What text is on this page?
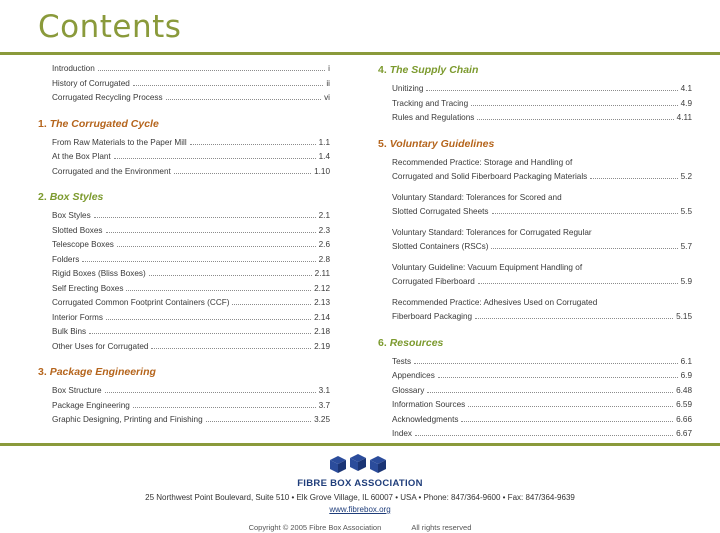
Contents
Introduction	i
History of Corrugated	ii
Corrugated Recycling Process	vi
1. The Corrugated Cycle
From Raw Materials to the Paper Mill	1.1
At the Box Plant	1.4
Corrugated and the Environment	1.10
2. Box Styles
Box Styles	2.1
Slotted Boxes	2.3
Telescope Boxes	2.6
Folders	2.8
Rigid Boxes (Bliss Boxes)	2.11
Self Erecting Boxes	2.12
Corrugated Common Footprint Containers (CCF)	2.13
Interior Forms	2.14
Bulk Bins	2.18
Other Uses for Corrugated	2.19
3. Package Engineering
Box Structure	3.1
Package Engineering	3.7
Graphic Designing, Printing and Finishing	3.25
4. The Supply Chain
Unitizing	4.1
Tracking and Tracing	4.9
Rules and Regulations	4.11
5. Voluntary Guidelines
Recommended Practice: Storage and Handling of
Corrugated and Solid Fiberboard Packaging Materials	5.2
Voluntary Standard: Tolerances for Scored and
Slotted Corrugated Sheets	5.5
Voluntary Standard: Tolerances for Corrugated Regular
Slotted Containers (RSCs)	5.7
Voluntary Guideline: Vacuum Equipment Handling of
Corrugated Fiberboard	5.9
Recommended Practice: Adhesives Used on Corrugated
Fiberboard Packaging	5.15
6. Resources
Tests	6.1
Appendices	6.9
Glossary	6.48
Information Sources	6.59
Acknowledgments	6.66
Index	6.67
FIBRE BOX ASSOCIATION
25 Northwest Point Boulevard, Suite 510 • Elk Grove Village, IL 60007 • USA • Phone: 847/364-9600 • Fax: 847/364-9639
www.fibrebox.org
Copyright © 2005 Fibre Box Association	All rights reserved
